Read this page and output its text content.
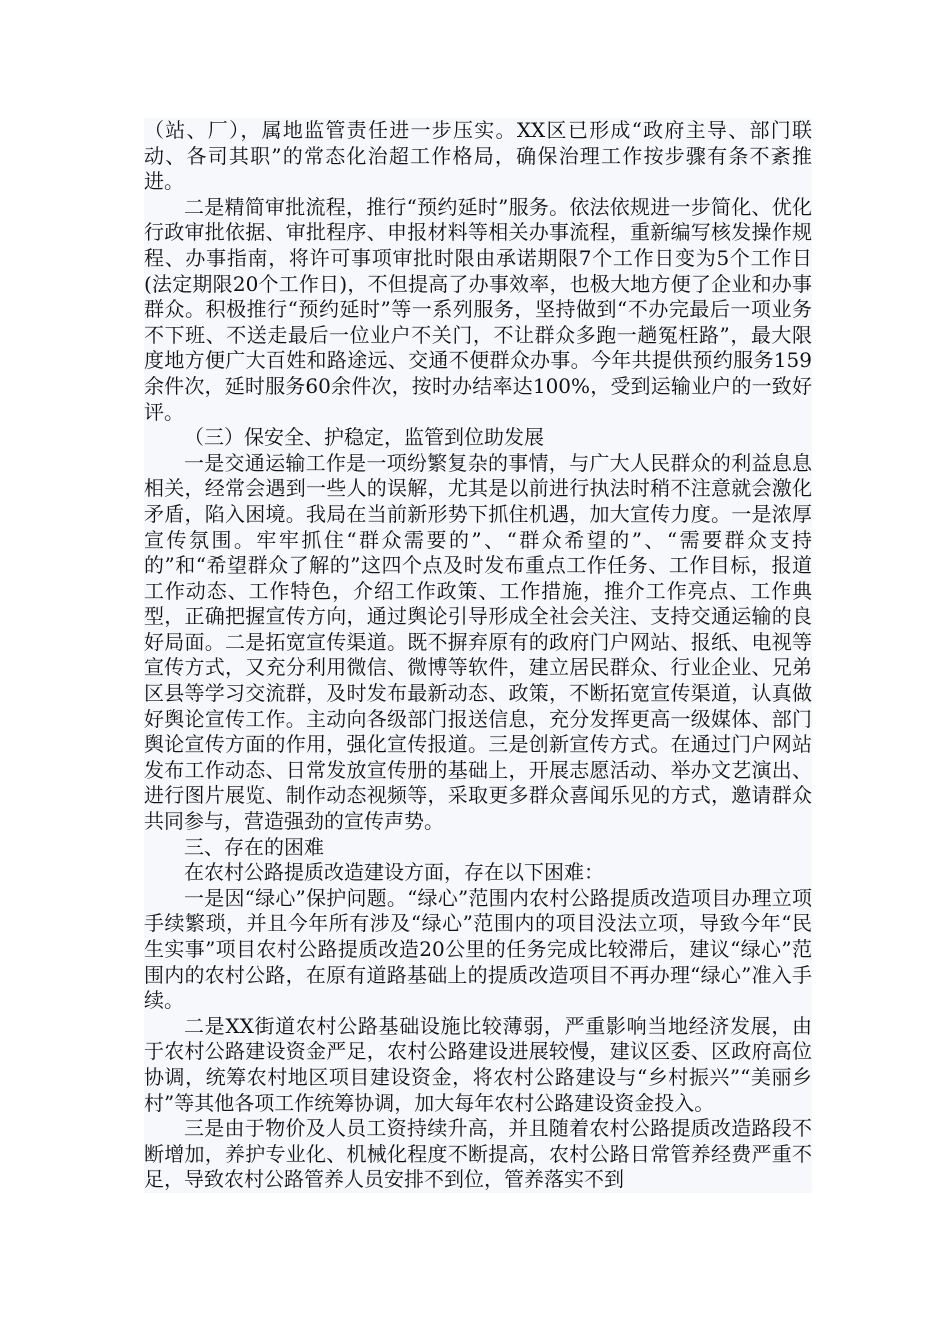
（站、厂），属地监管责任进一步压实。XX区已形成“政府主导、部门联动、各司其职”的常态化治超工作格局，确保治理工作按步骤有条不紊推进。

二是精简审批流程，推行“预约延时”服务。依法依规进一步简化、优化行政审批依据、审批程序、申报材料等相关办事流程，重新编写核发操作规程、办事指南，将许可事项审批时限由承诺期限7个工作日变为5个工作日(法定期限20个工作日)，不但提高了办事效率，也极大地方便了企业和办事群众。积极推行“预约延时”等一系列服务，坚持做到“不办完最后一项业务不下班、不送走最后一位业户不关门，不让群众多跑一趟冤枉路”，最大限度地方便广大百姓和路途远、交通不便群众办事。今年共提供预约服务159余件次，延时服务60余件次，按时办结率达100%，受到运输业户的一致好评。

（三）保安全、护稳定，监管到位助发展

一是交通运输工作是一项纷繁复杂的事情，与广大人民群众的利益息息相关，经常会遇到一些人的误解，尤其是以前进行执法时稍不注意就会激化矛盾，陷入困境。我局在当前新形势下抓住机遇，加大宣传力度。一是浓厚宣传氛围。牢牢抓住“群众需要的”、“群众希望的”、“需要群众支持的”和“希望群众了解的”这四个点及时发布重点工作任务、工作目标，报道工作动态、工作特色，介绍工作政策、工作措施，推介工作亮点、工作典型，正确把握宣传方向，通过舆论引导形成全社会关注、支持交通运输的良好局面。二是拓宽宣传渠道。既不摒弃原有的政府门户网站、报纸、电视等宣传方式，又充分利用微信、微博等软件，建立居民群众、行业企业、兄弟区县等学习交流群，及时发布最新动态、政策，不断拓宽宣传渠道，认真做好舆论宣传工作。主动向各级部门报送信息，充分发挥更高一级媒体、部门舆论宣传方面的作用，强化宣传报道。三是创新宣传方式。在通过门户网站发布工作动态、日常发放宣传册的基础上，开展志愿活动、举办文艺演出、进行图片展览、制作动态视频等，采取更多群众喜闻乐见的方式，邀请群众共同参与，营造强劲的宣传声势。

三、存在的困难

在农村公路提质改造建设方面，存在以下困难：

一是因“绿心”保护问题。“绿心”范围内农村公路提质改造项目办理立项手续繁琐，并且今年所有涉及“绿心”范围内的项目没法立项，导致今年“民生实事”项目农村公路提质改造20公里的任务完成比较滞后，建议“绿心”范围内的农村公路，在原有道路基础上的提质改造项目不再办理“绿心”准入手续。

二是XX街道农村公路基础设施比较薄弱，严重影响当地经济发展，由于农村公路建设资金严足，农村公路建设进展较慢，建议区委、区政府高位协调，统筹农村地区项目建设资金，将农村公路建设与“乡村振兴”“美丽乡村”等其他各项工作统筹协调，加大每年农村公路建设资金投入。

三是由于物价及人员工资持续升高，并且随着农村公路提质改造路段不断增加，养护专业化、机械化程度不断提高，农村公路日常管养经费严重不足，导致农村公路管养人员安排不到位，管养落实不到
